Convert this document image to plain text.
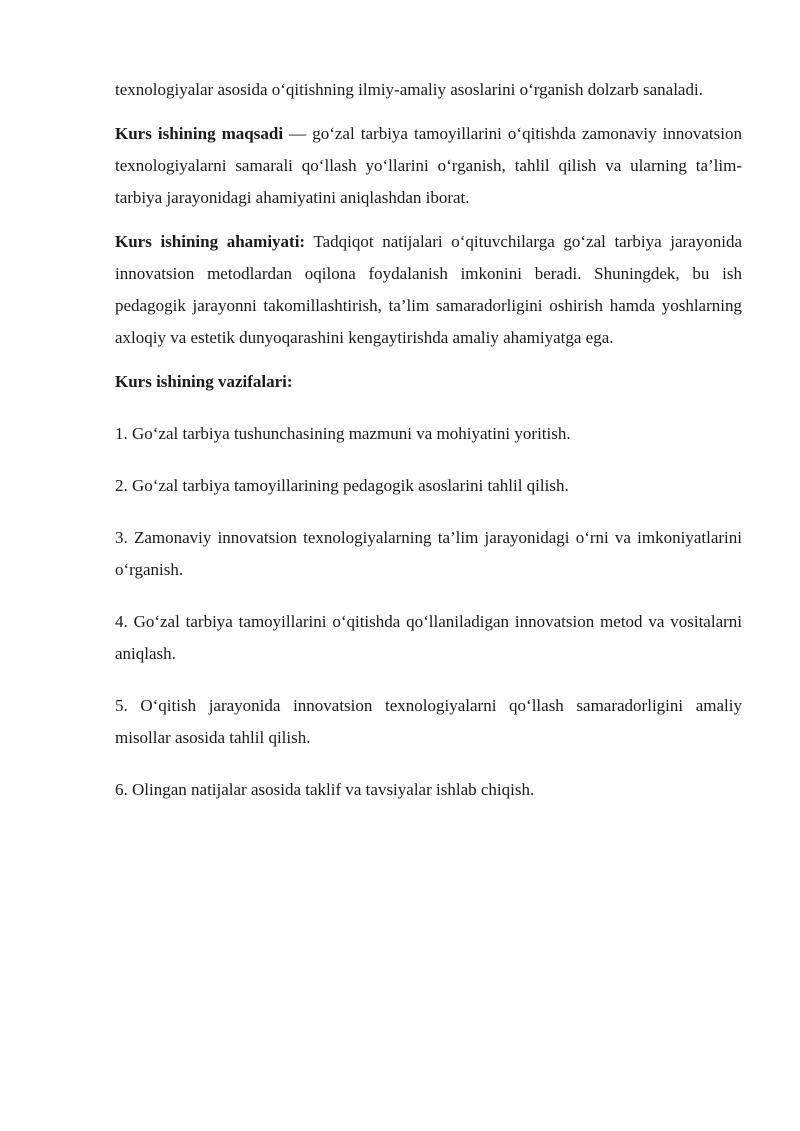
texnologiyalar asosida o‘qitishning ilmiy-amaliy asoslarini o‘rganish dolzarb sanaladi.

Kurs ishining maqsadi — go‘zal tarbiya tamoyillarini o‘qitishda zamonaviy innovatsion texnologiyalarni samarali qo‘llash yo‘llarini o‘rganish, tahlil qilish va ularning ta’lim-tarbiya jarayonidagi ahamiyatini aniqlashdan iborat.

Kurs ishining ahamiyati: Tadqiqot natijalari o‘qituvchilarga go‘zal tarbiya jarayonida innovatsion metodlardan oqilona foydalanish imkonini beradi. Shuningdek, bu ish pedagogik jarayonni takomillashtirish, ta’lim samaradorligini oshirish hamda yoshlarning axloqiy va estetik dunyoqarashini kengaytirishda amaliy ahamiyatga ega.

Kurs ishining vazifalari:

1. Go‘zal tarbiya tushunchasining mazmuni va mohiyatini yoritish.

2. Go‘zal tarbiya tamoyillarining pedagogik asoslarini tahlil qilish.

3. Zamonaviy innovatsion texnologiyalarning ta’lim jarayonidagi o‘rni va imkoniyatlarini o‘rganish.

4. Go‘zal tarbiya tamoyillarini o‘qitishda qo‘llaniladigan innovatsion metod va vositalarni aniqlash.

5. O‘qitish jarayonida innovatsion texnologiyalarni qo‘llash samaradorligini amaliy misollar asosida tahlil qilish.

6. Olingan natijalar asosida taklif va tavsiyalar ishlab chiqish.
